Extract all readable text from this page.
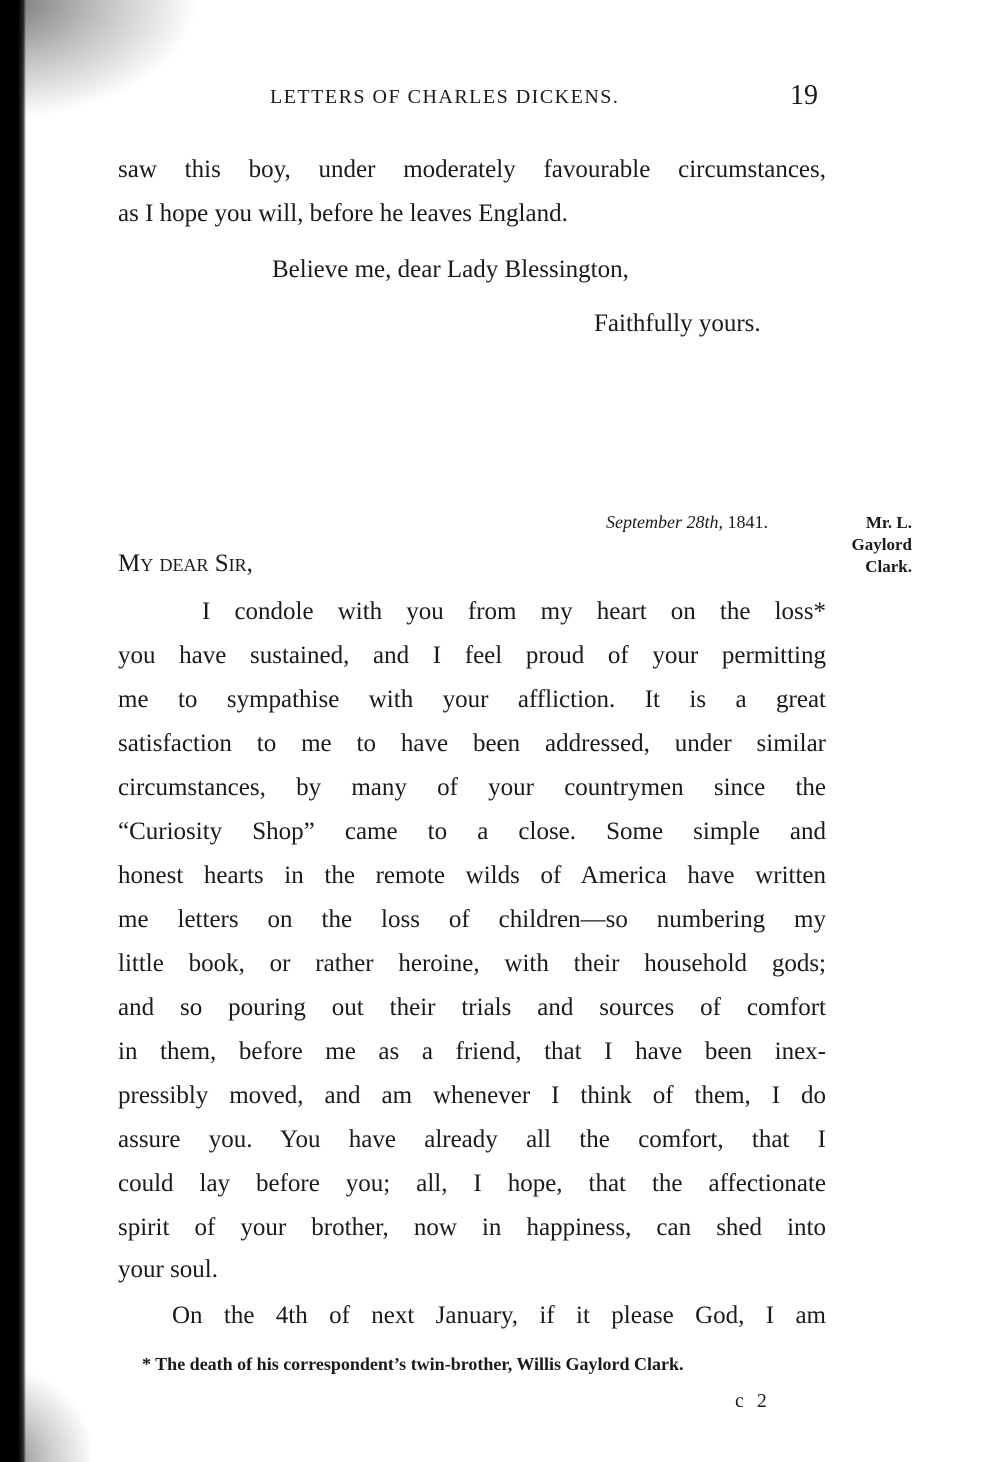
LETTERS OF CHARLES DICKENS.	19
saw this boy, under moderately favourable circumstances,
as I hope you will, before he leaves England.
Believe me, dear Lady Blessington,
Faithfully yours.
September 28th, 1841.	Mr. L.
Gaylord
Clark.
My dear Sir,
I condole with you from my heart on the loss*
you have sustained, and I feel proud of your permitting
me to sympathise with your affliction. It is a great
satisfaction to me to have been addressed, under similar
circumstances, by many of your countrymen since the
“Curiosity Shop” came to a close. Some simple and
honest hearts in the remote wilds of America have written
me letters on the loss of children—so numbering my
little book, or rather heroine, with their household gods;
and so pouring out their trials and sources of comfort
in them, before me as a friend, that I have been inex-
pressibly moved, and am whenever I think of them, I do
assure you. You have already all the comfort, that I
could lay before you; all, I hope, that the affectionate
spirit of your brother, now in happiness, can shed into
your soul.
On the 4th of next January, if it please God, I am
* The death of his correspondent’s twin-brother, Willis Gaylord Clark.
c 2
